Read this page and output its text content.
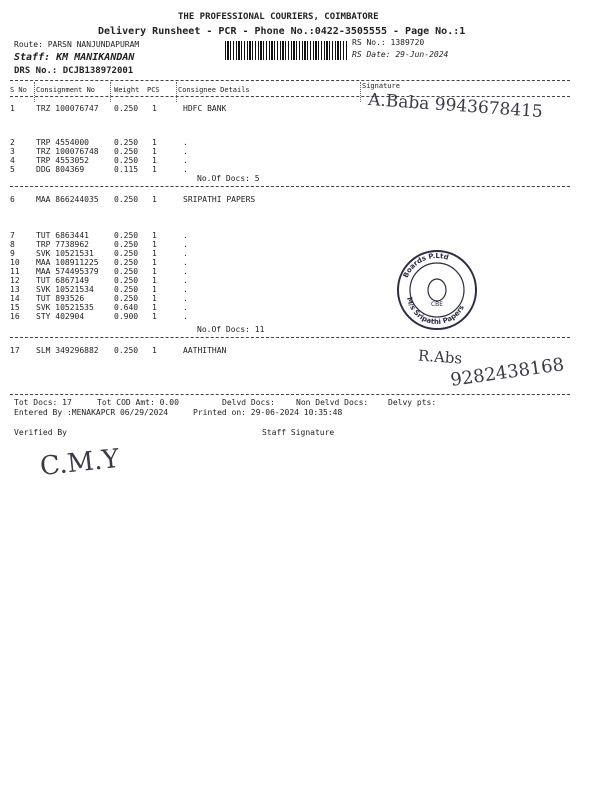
THE PROFESSIONAL COURIERS, COIMBATORE
Delivery Runsheet - PCR - Phone No.:0422-3505555 - Page No.:1
Route: PARSN NANJUNDAPURAM
Staff: KM MANIKANDAN
DRS No.: DCJB138972001
RS No.: 1389720
RS Date: 29-Jun-2024
S No Consignment No	Weight PCS	Consignee Details	Signature
1	TRZ 100076747 0.250 1	HDFC BANK
2	TRP 4554000	0.250 1	.
3	TRZ 100076748 0.250 1	.
4	TRP 4553052	0.250 1	.
5	DDG 804369	0.115 1	.
6	MAA 866244035 0.250 1	SRIPATHI PAPERS
7	TUT 6863441	0.250 1	.
8	TRP 7738962	0.250 1	.
9	SVK 10521531	0.250 1	.
10 MAA 108911225 0.250 1	.
11 MAA 574495379 0.250 1	.
12 TUT 6867149	0.250 1	.
13 SVK 10521534	0.250 1	.
14 TUT 893526	0.250 1	.
15 SVK 10521535	0.640 1	.
16 STY 402904	0.900 1	.
17 SLM 349296882 0.250 1	AATHITHAN
No.Of Docs: 5
No.Of Docs: 11
A.Baba 9943678415
R.Abs
9282438168
Boards P.Ltd
M/s Sripathi Papers
CBE
Tot Docs: 17	Tot COD Amt: 0.00	Delvd Docs:	Non Delvd Docs: Delvy pts:
Entered By :MENAKAPCR 06/29/2024	Printed on: 29-06-2024 10:35:48
Verified By	Staff Signature
C.M.Y
